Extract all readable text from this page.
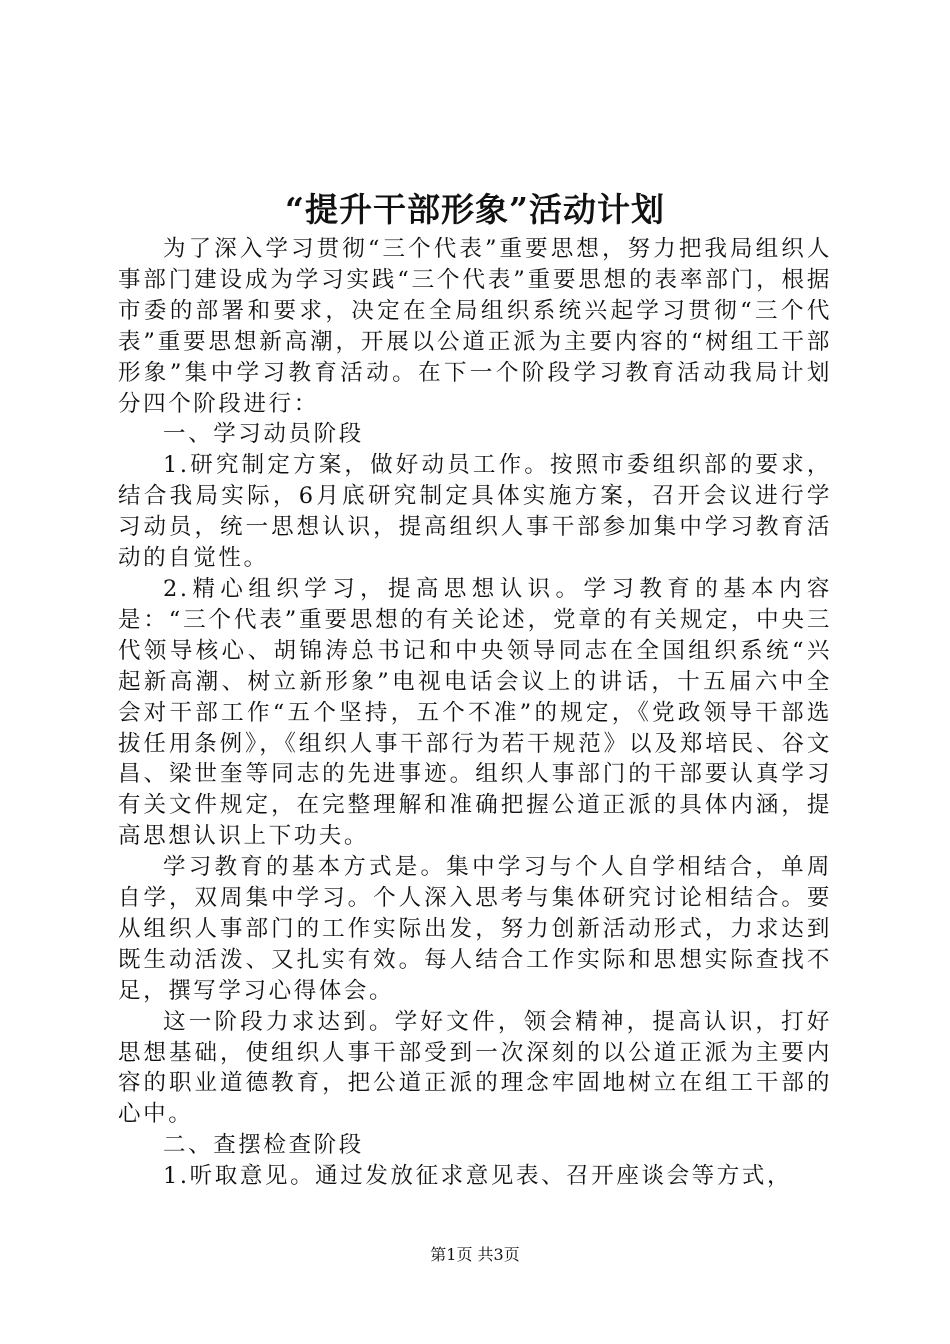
“提升干部形象”活动计划

为了深入学习贯彻“三个代表”重要思想，努力把我局组织人事部门建设成为学习实践“三个代表”重要思想的表率部门，根据市委的部署和要求，决定在全局组织系统兴起学习贯彻“三个代表”重要思想新高潮，开展以公道正派为主要内容的“树组工干部形象”集中学习教育活动。在下一个阶段学习教育活动我局计划分四个阶段进行：

一、学习动员阶段

1.研究制定方案，做好动员工作。按照市委组织部的要求，结合我局实际，6月底研究制定具体实施方案，召开会议进行学习动员，统一思想认识，提高组织人事干部参加集中学习教育活动的自觉性。

2.精心组织学习，提高思想认识。学习教育的基本内容是：“三个代表”重要思想的有关论述，党章的有关规定，中央三代领导核心、胡锦涛总书记和中央领导同志在全国组织系统“兴起新高潮、树立新形象”电视电话会议上的讲话，十五届六中全会对干部工作“五个坚持，五个不准”的规定，《党政领导干部选拔任用条例》，《组织人事干部行为若干规范》以及郑培民、谷文昌、梁世奎等同志的先进事迹。组织人事部门的干部要认真学习有关文件规定，在完整理解和准确把握公道正派的具体内涵，提高思想认识上下功夫。

学习教育的基本方式是。集中学习与个人自学相结合，单周自学，双周集中学习。个人深入思考与集体研究讨论相结合。要从组织人事部门的工作实际出发，努力创新活动形式，力求达到既生动活泼、又扎实有效。每人结合工作实际和思想实际查找不足，撰写学习心得体会。

这一阶段力求达到。学好文件，领会精神，提高认识，打好思想基础，使组织人事干部受到一次深刻的以公道正派为主要内容的职业道德教育，把公道正派的理念牢固地树立在组工干部的心中。

二、查摆检查阶段

1.听取意见。通过发放征求意见表、召开座谈会等方式，

第1页 共3页
